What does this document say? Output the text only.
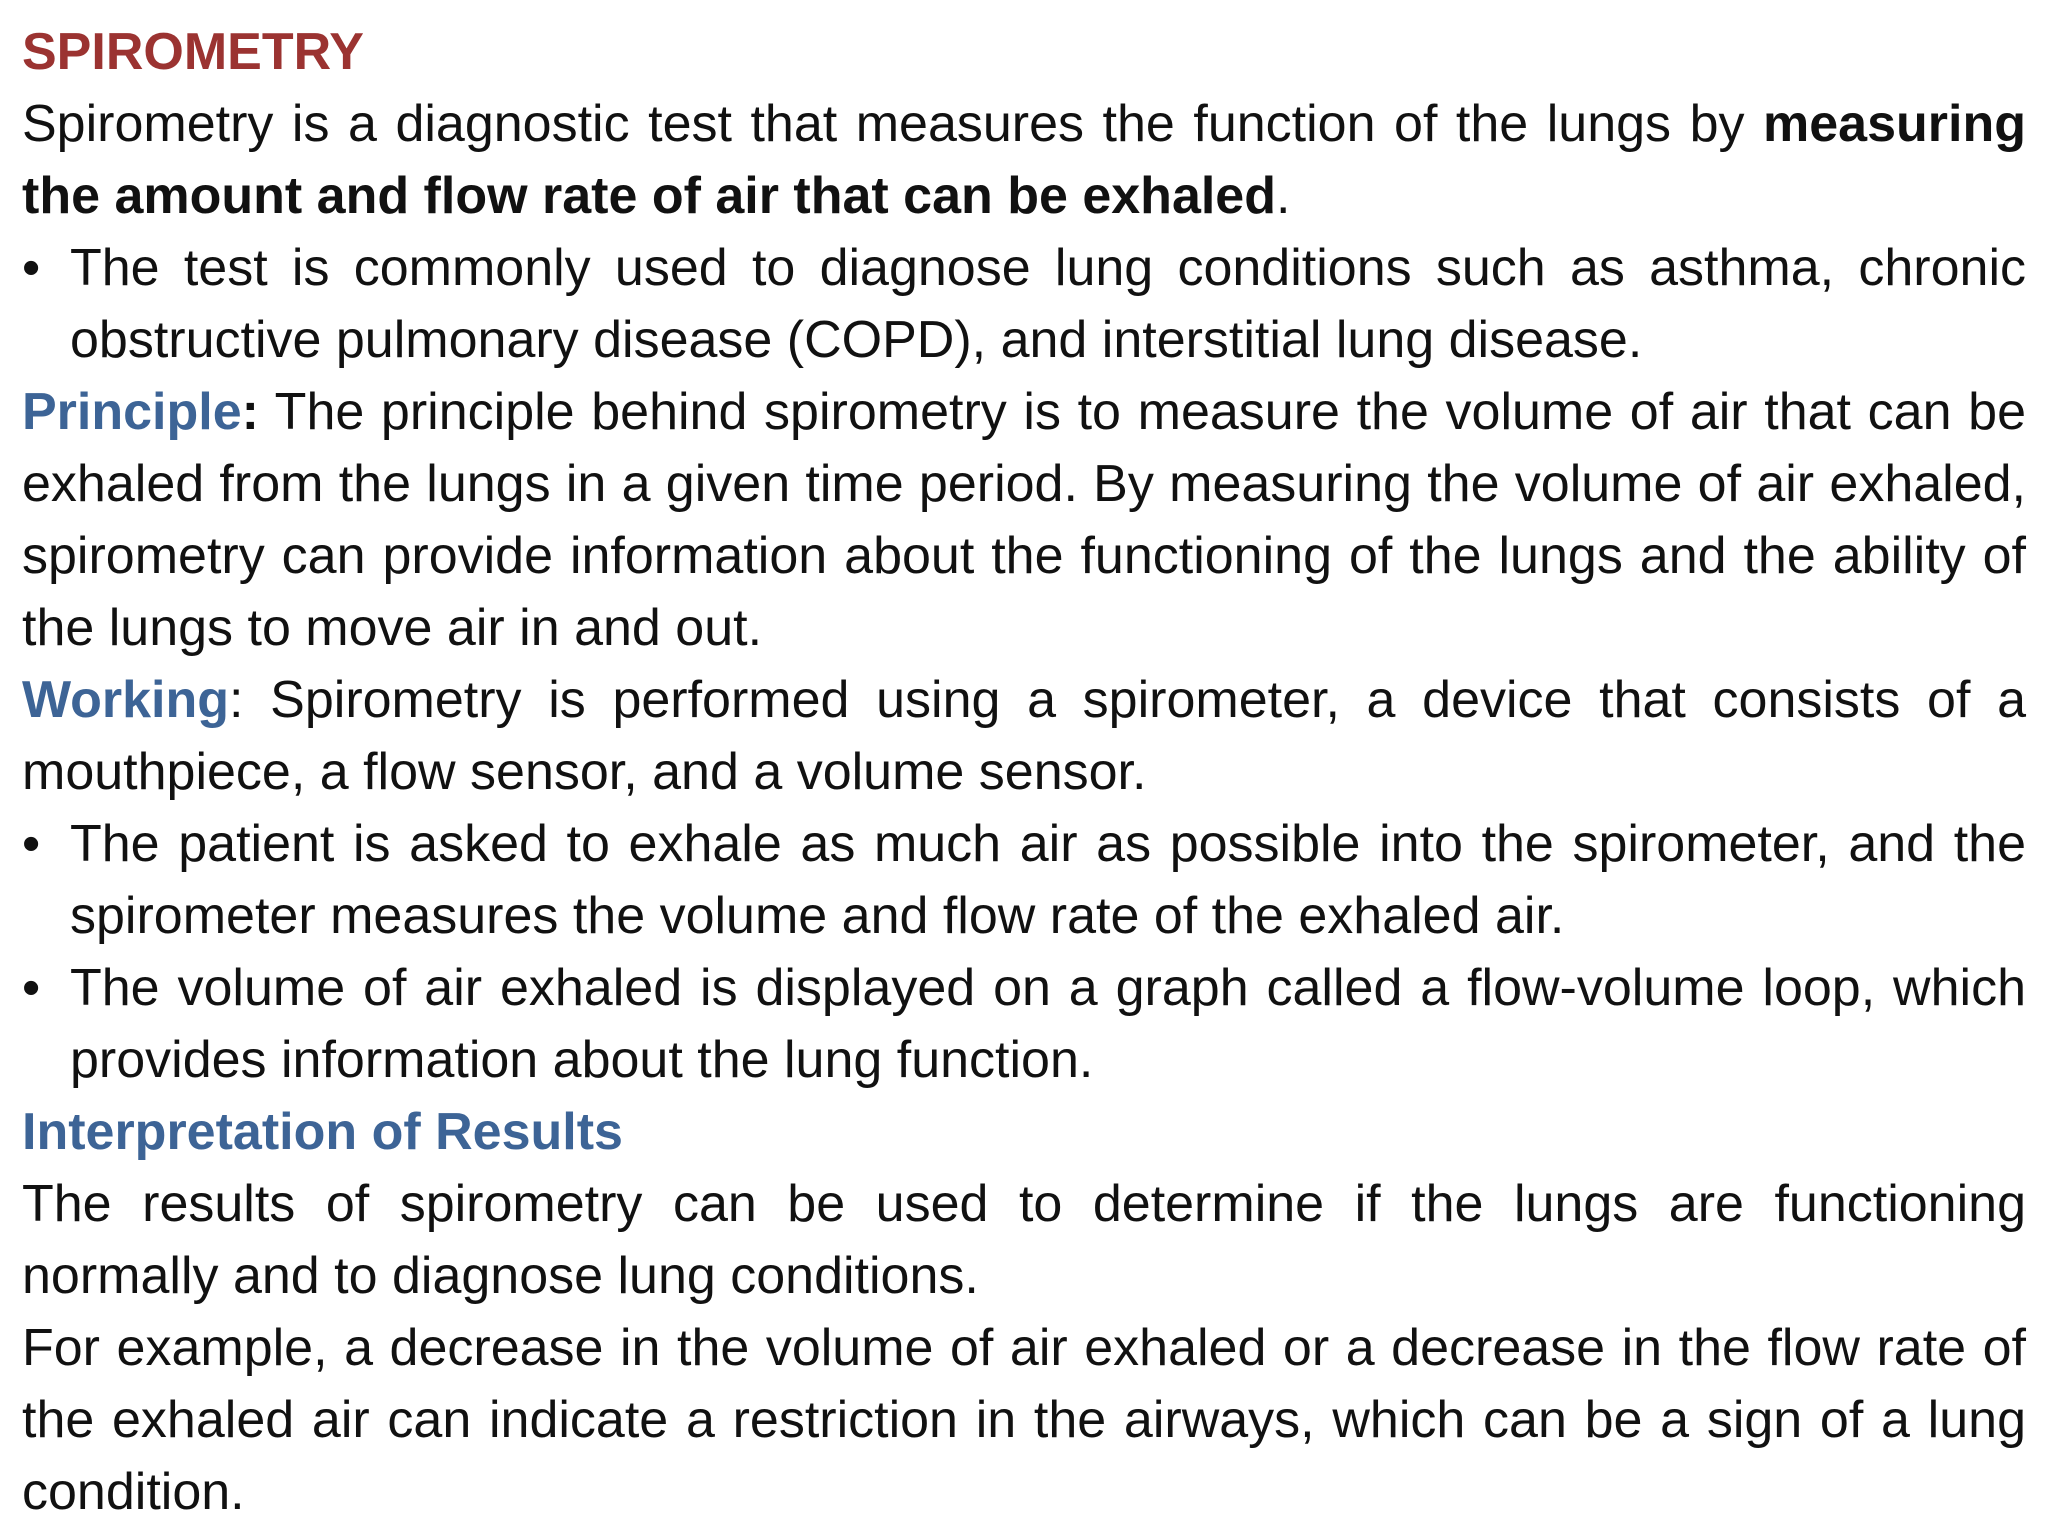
SPIROMETRY

Spirometry is a diagnostic test that measures the function of the lungs by measuring the amount and flow rate of air that can be exhaled.

• The test is commonly used to diagnose lung conditions such as asthma, chronic obstructive pulmonary disease (COPD), and interstitial lung disease.

Principle: The principle behind spirometry is to measure the volume of air that can be exhaled from the lungs in a given time period. By measuring the volume of air exhaled, spirometry can provide information about the functioning of the lungs and the ability of the lungs to move air in and out.

Working: Spirometry is performed using a spirometer, a device that consists of a mouthpiece, a flow sensor, and a volume sensor.

• The patient is asked to exhale as much air as possible into the spirometer, and the spirometer measures the volume and flow rate of the exhaled air.

• The volume of air exhaled is displayed on a graph called a flow-volume loop, which provides information about the lung function.

Interpretation of Results

The results of spirometry can be used to determine if the lungs are functioning normally and to diagnose lung conditions.

For example, a decrease in the volume of air exhaled or a decrease in the flow rate of the exhaled air can indicate a restriction in the airways, which can be a sign of a lung condition.
